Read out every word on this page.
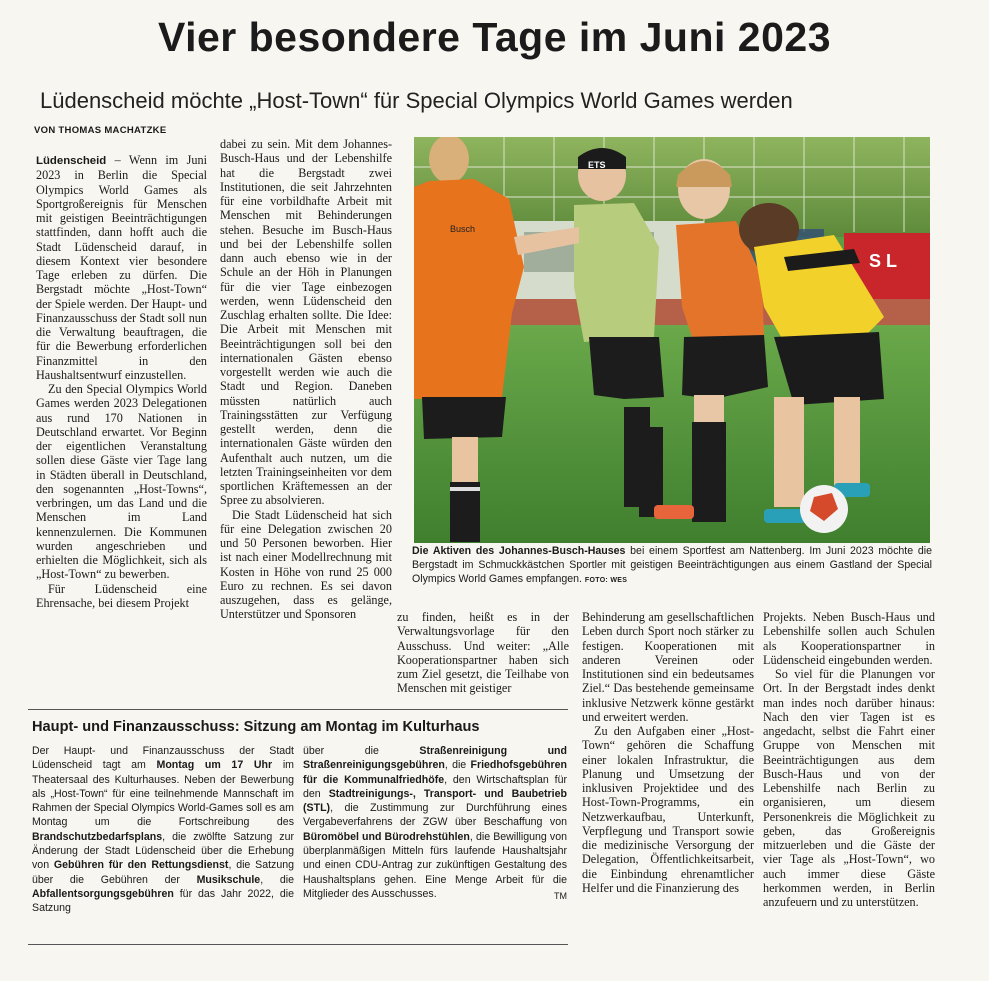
Vier besondere Tage im Juni 2023
Lüdenscheid möchte „Host-Town“ für Special Olympics World Games werden
VON THOMAS MACHATZKE

Lüdenscheid – Wenn im Juni 2023 in Berlin die Special Olympics World Games als Sportgroßereignis für Menschen mit geistigen Beeinträchtigungen stattfinden, dann hofft auch die Stadt Lüdenscheid darauf, in diesem Kontext vier besondere Tage erleben zu dürfen. Die Bergstadt möchte „Host-Town“ der Spiele werden. Der Haupt- und Finanzausschuss der Stadt soll nun die Verwaltung beauftragen, die für die Bewerbung erforderlichen Finanzmittel in den Haushaltsentwurf einzustellen.

Zu den Special Olympics World Games werden 2023 Delegationen aus rund 170 Nationen in Deutschland erwartet. Vor Beginn der eigentlichen Veranstaltung sollen diese Gäste vier Tage lang in Städten überall in Deutschland, den sogenannten „Host-Towns“, verbringen, um das Land und die Menschen im Land kennenzulernen. Die Kommunen wurden angeschrieben und erhielten die Möglichkeit, sich als „Host-Town“ zu bewerben.

Für Lüdenscheid eine Ehrensache, bei diesem Projekt

dabei zu sein. Mit dem Johannes-Busch-Haus und der Lebenshilfe hat die Bergstadt zwei Institutionen, die seit Jahrzehnten für eine vorbildhafte Arbeit mit Menschen mit Behinderungen stehen. Besuche im Busch-Haus und bei der Lebenshilfe sollen dann auch ebenso wie in der Schule an der Höh in Planungen für die vier Tage einbezogen werden, wenn Lüdenscheid den Zuschlag erhalten sollte. Die Idee: Die Arbeit mit Menschen mit Beeinträchtigungen soll bei den internationalen Gästen ebenso vorgestellt werden wie auch die Stadt und Region. Daneben müssten natürlich auch Trainingsstätten zur Verfügung gestellt werden, denn die internationalen Gäste würden den Aufenthalt auch nutzen, um die letzten Trainingseinheiten vor dem sportlichen Kräftemessen an der Spree zu absolvieren.

Die Stadt Lüdenscheid hat sich für eine Delegation zwischen 20 und 50 Personen beworben. Hier ist nach einer Modellrechnung mit Kosten in Höhe von rund 25 000 Euro zu rechnen. Es sei davon auszugehen, dass es gelänge, Unterstützer und Sponsoren

S L
Busch
ETS
Die Aktiven des Johannes-Busch-Hauses bei einem Sportfest am Nattenberg. Im Juni 2023 möchte die Bergstadt im Schmuckkästchen Sportler mit geistigen Beeinträchtigungen aus einem Gastland der Special Olympics World Games empfangen. FOTO: WES

zu finden, heißt es in der Verwaltungsvorlage für den Ausschuss. Und weiter: „Alle Kooperationspartner haben sich zum Ziel gesetzt, die Teilhabe von Menschen mit geistiger

Behinderung am gesellschaftlichen Leben durch Sport noch stärker zu festigen. Kooperationen mit anderen Vereinen oder Institutionen sind ein bedeutsames Ziel.“ Das bestehende gemeinsame inklusive Netzwerk könne gestärkt und erweitert werden.

Zu den Aufgaben einer „Host-Town“ gehören die Schaffung einer lokalen Infrastruktur, die Planung und Umsetzung der inklusiven Projektidee und des Host-Town-Programms, ein Netzwerkaufbau, Unterkunft, Verpflegung und Transport sowie die medizinische Versorgung der Delegation, Öffentlichkeitsarbeit, die Einbindung ehrenamtlicher Helfer und die Finanzierung des

Projekts. Neben Busch-Haus und Lebenshilfe sollen auch Schulen als Kooperationspartner in Lüdenscheid eingebunden werden.

So viel für die Planungen vor Ort. In der Bergstadt indes denkt man indes noch darüber hinaus: Nach den vier Tagen ist es angedacht, selbst die Fahrt einer Gruppe von Menschen mit Beeinträchtigungen aus dem Busch-Haus und von der Lebenshilfe nach Berlin zu organisieren, um diesem Personenkreis die Möglichkeit zu geben, das Großereignis mitzuerleben und die Gäste der vier Tage als „Host-Town“, wo auch immer diese Gäste herkommen werden, in Berlin anzufeuern und zu unterstützen.

Haupt- und Finanzausschuss: Sitzung am Montag im Kulturhaus
Der Haupt- und Finanzausschuss der Stadt Lüdenscheid tagt am Montag um 17 Uhr im Theatersaal des Kulturhauses. Neben der Bewerbung als „Host-Town“ für eine teilnehmende Mannschaft im Rahmen der Special Olympics World-Games soll es am Montag um die Fortschreibung des Brandschutzbedarfsplans, die zwölfte Satzung zur Änderung der Stadt Lüdenscheid über die Erhebung von Gebühren für den Rettungsdienst, die Satzung über die Gebühren der Musikschule, die Abfallentsorgungsgebühren für das Jahr 2022, die Satzung
über die Straßenreinigung und Straßenreinigungsgebühren, die Friedhofsgebühren für die Kommunalfriedhöfe, den Wirtschaftsplan für den Stadtreinigungs-, Transport- und Baubetrieb (STL), die Zustimmung zur Durchführung eines Vergabeverfahrens der ZGW über Beschaffung von Büromöbel und Bürodrehstühlen, die Bewilligung von überplanmäßigen Mitteln fürs laufende Haushaltsjahr und einen CDU-Antrag zur zukünftigen Gestaltung des Haushaltsplans gehen. Eine Menge Arbeit für die Mitglieder des Ausschusses.	TM
